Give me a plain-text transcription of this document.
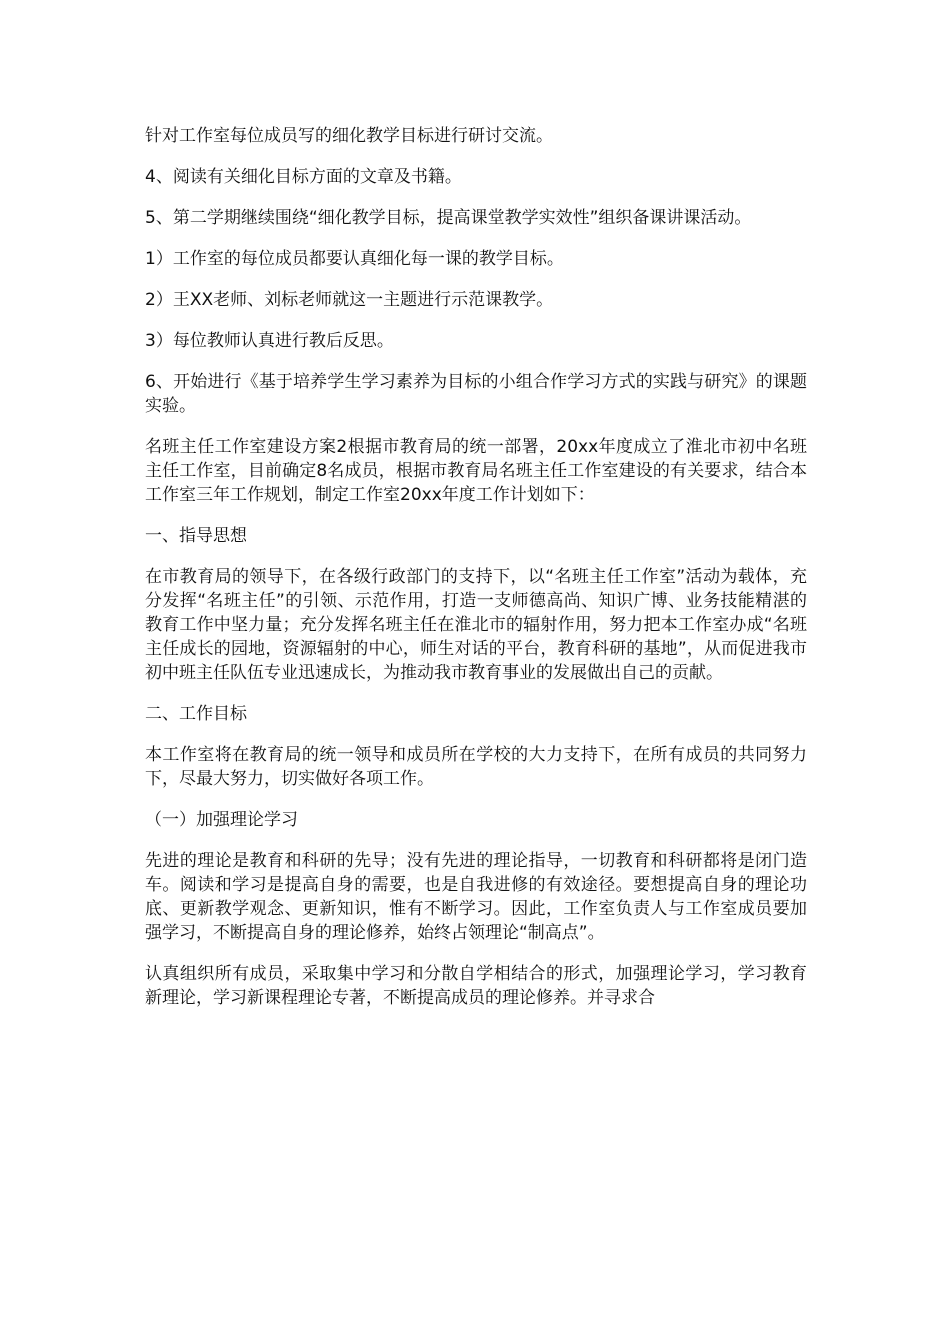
针对工作室每位成员写的细化教学目标进行研讨交流。

4、阅读有关细化目标方面的文章及书籍。

5、第二学期继续围绕“细化教学目标，提高课堂教学实效性”组织备课讲课活动。

1）工作室的每位成员都要认真细化每一课的教学目标。

2）王XX老师、刘标老师就这一主题进行示范课教学。

3）每位教师认真进行教后反思。

6、开始进行《基于培养学生学习素养为目标的小组合作学习方式的实践与研究》的课题实验。

名班主任工作室建设方案2根据市教育局的统一部署，20xx年度成立了淮北市初中名班主任工作室，目前确定8名成员，根据市教育局名班主任工作室建设的有关要求，结合本工作室三年工作规划，制定工作室20xx年度工作计划如下：

一、指导思想

在市教育局的领导下，在各级行政部门的支持下，以“名班主任工作室”活动为载体，充分发挥“名班主任”的引领、示范作用，打造一支师德高尚、知识广博、业务技能精湛的教育工作中坚力量；充分发挥名班主任在淮北市的辐射作用，努力把本工作室办成“名班主任成长的园地，资源辐射的中心，师生对话的平台，教育科研的基地”，从而促进我市初中班主任队伍专业迅速成长，为推动我市教育事业的发展做出自己的贡献。

二、工作目标

本工作室将在教育局的统一领导和成员所在学校的大力支持下，在所有成员的共同努力下，尽最大努力，切实做好各项工作。

（一）加强理论学习

先进的理论是教育和科研的先导；没有先进的理论指导，一切教育和科研都将是闭门造车。阅读和学习是提高自身的需要，也是自我进修的有效途径。要想提高自身的理论功底、更新教学观念、更新知识，惟有不断学习。因此，工作室负责人与工作室成员要加强学习，不断提高自身的理论修养，始终占领理论“制高点”。

认真组织所有成员，采取集中学习和分散自学相结合的形式，加强理论学习，学习教育新理论，学习新课程理论专著，不断提高成员的理论修养。并寻求合
